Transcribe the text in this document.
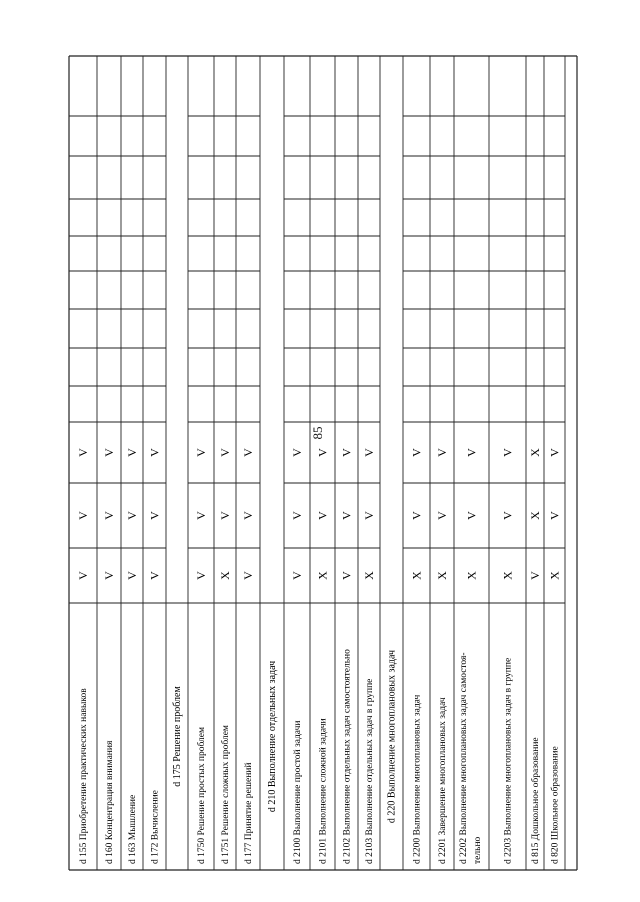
85
d 155 Приобретение практических навыков
V
V
V
d 160 Концентрация внимания
V
V
V
d 163 Мышление
V
V
V
d 172 Вычисление
V
V
V
d 175 Решение проблем d 1750 Решение простых проблем
V
V
V
d 1751 Решение сложных проблем
X
V
V
d 177 Принятие решений
V
V
V
d 210 Выполнение отдельных задач d 2100 Выполнение простой задачи
V
V
V
d 2101 Выполнение сложной задачи
X
V
V
d 2102 Выполнение отдельных задач самостоятельно
V
V
V
d 2103 Выполнение отдельных задач в группе
X
V
V
d 220 Выполнение многоплановых задач d 2200 Выполнение многоплановых задач
X
V
V
d 2201 Завершение многоплановых задач
X
V
V
d 2202 Выполнение многоплановых задач самостоя- тельно
X
V
V
d 2203 Выполнение многоплановых задач в группе
X
V
V
d 815 Дошкольное образование
V
X
X
d 820 Школьное образование
X
V
V
